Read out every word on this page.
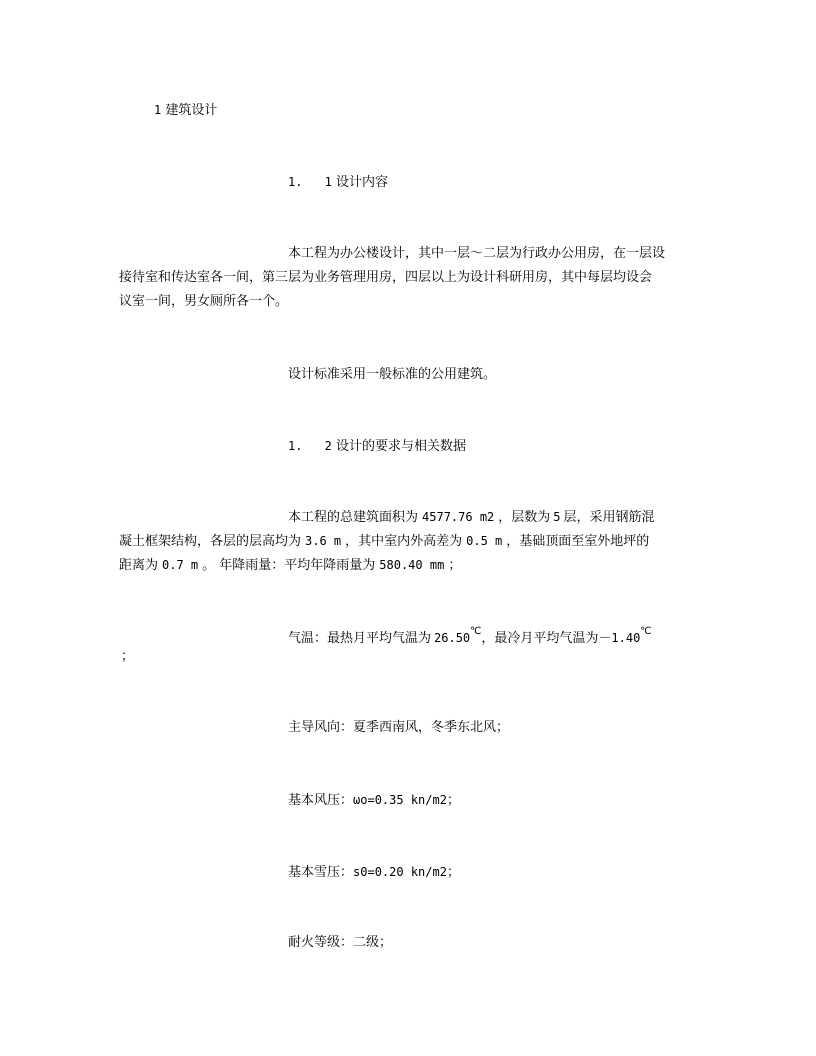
1 建筑设计
1. 1 设计内容
本工程为办公楼设计，其中一层～二层为行政办公用房，在一层设
接待室和传达室各一间，第三层为业务管理用房，四层以上为设计科研用房，其中每层均设会
议室一间，男女厕所各一个。
设计标准采用一般标准的公用建筑。
1. 2 设计的要求与相关数据
本工程的总建筑面积为 4577.76 m2 ，层数为 5 层，采用钢筋混
凝土框架结构，各层的层高均为 3.6 m ，其中室内外高差为 0.5 m ，基础顶面至室外地坪的
距离为 0.7 m 。 年降雨量：平均年降雨量为 580.40 mm ；
气温：最热月平均气温为 26.50℃，最冷月平均气温为－1.40℃
；
主导风向：夏季西南风，冬季东北风；
基本风压：ωo=0.35 kn/m2；
基本雪压：s0=0.20 kn/m2；
耐火等级：二级；
